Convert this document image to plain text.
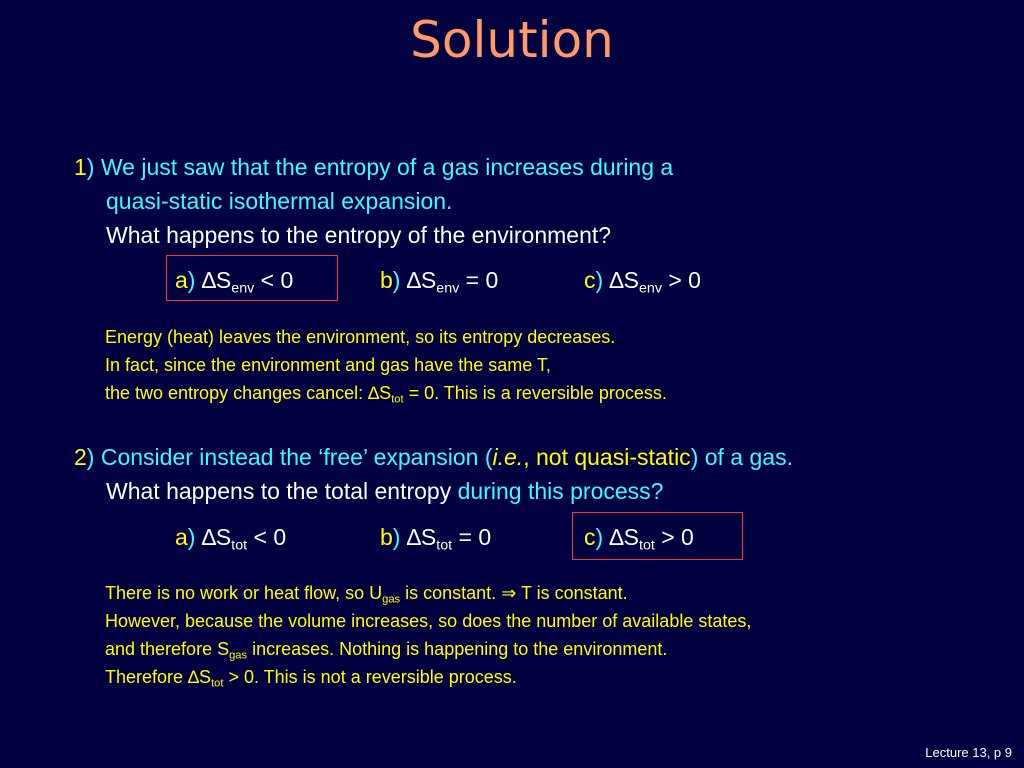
Solution
1) We just saw that the entropy of a gas increases during a
quasi-static isothermal expansion.
What happens to the entropy of the environment?
a) $\Delta S_{env} < 0$	b) $\Delta S_{env} = 0$	c) $\Delta S_{env} > 0$
Energy (heat) leaves the environment, so its entropy decreases.
In fact, since the environment and gas have the same T,
the two entropy changes cancel: $\Delta S_{tot} = 0$. This is a reversible process.
2) Consider instead the ‘free’ expansion (i.e., not quasi-static) of a gas.
What happens to the total entropy during this process?
a) $\Delta S_{tot} < 0$	b) $\Delta S_{tot} = 0$	c) $\Delta S_{tot} > 0$
There is no work or heat flow, so $U_{gas}$ is constant. ⇒ T is constant.
However, because the volume increases, so does the number of available states,
and therefore $S_{gas}$ increases. Nothing is happening to the environment.
Therefore $\Delta S_{tot} > 0$. This is not a reversible process.
Lecture 13, p 9
